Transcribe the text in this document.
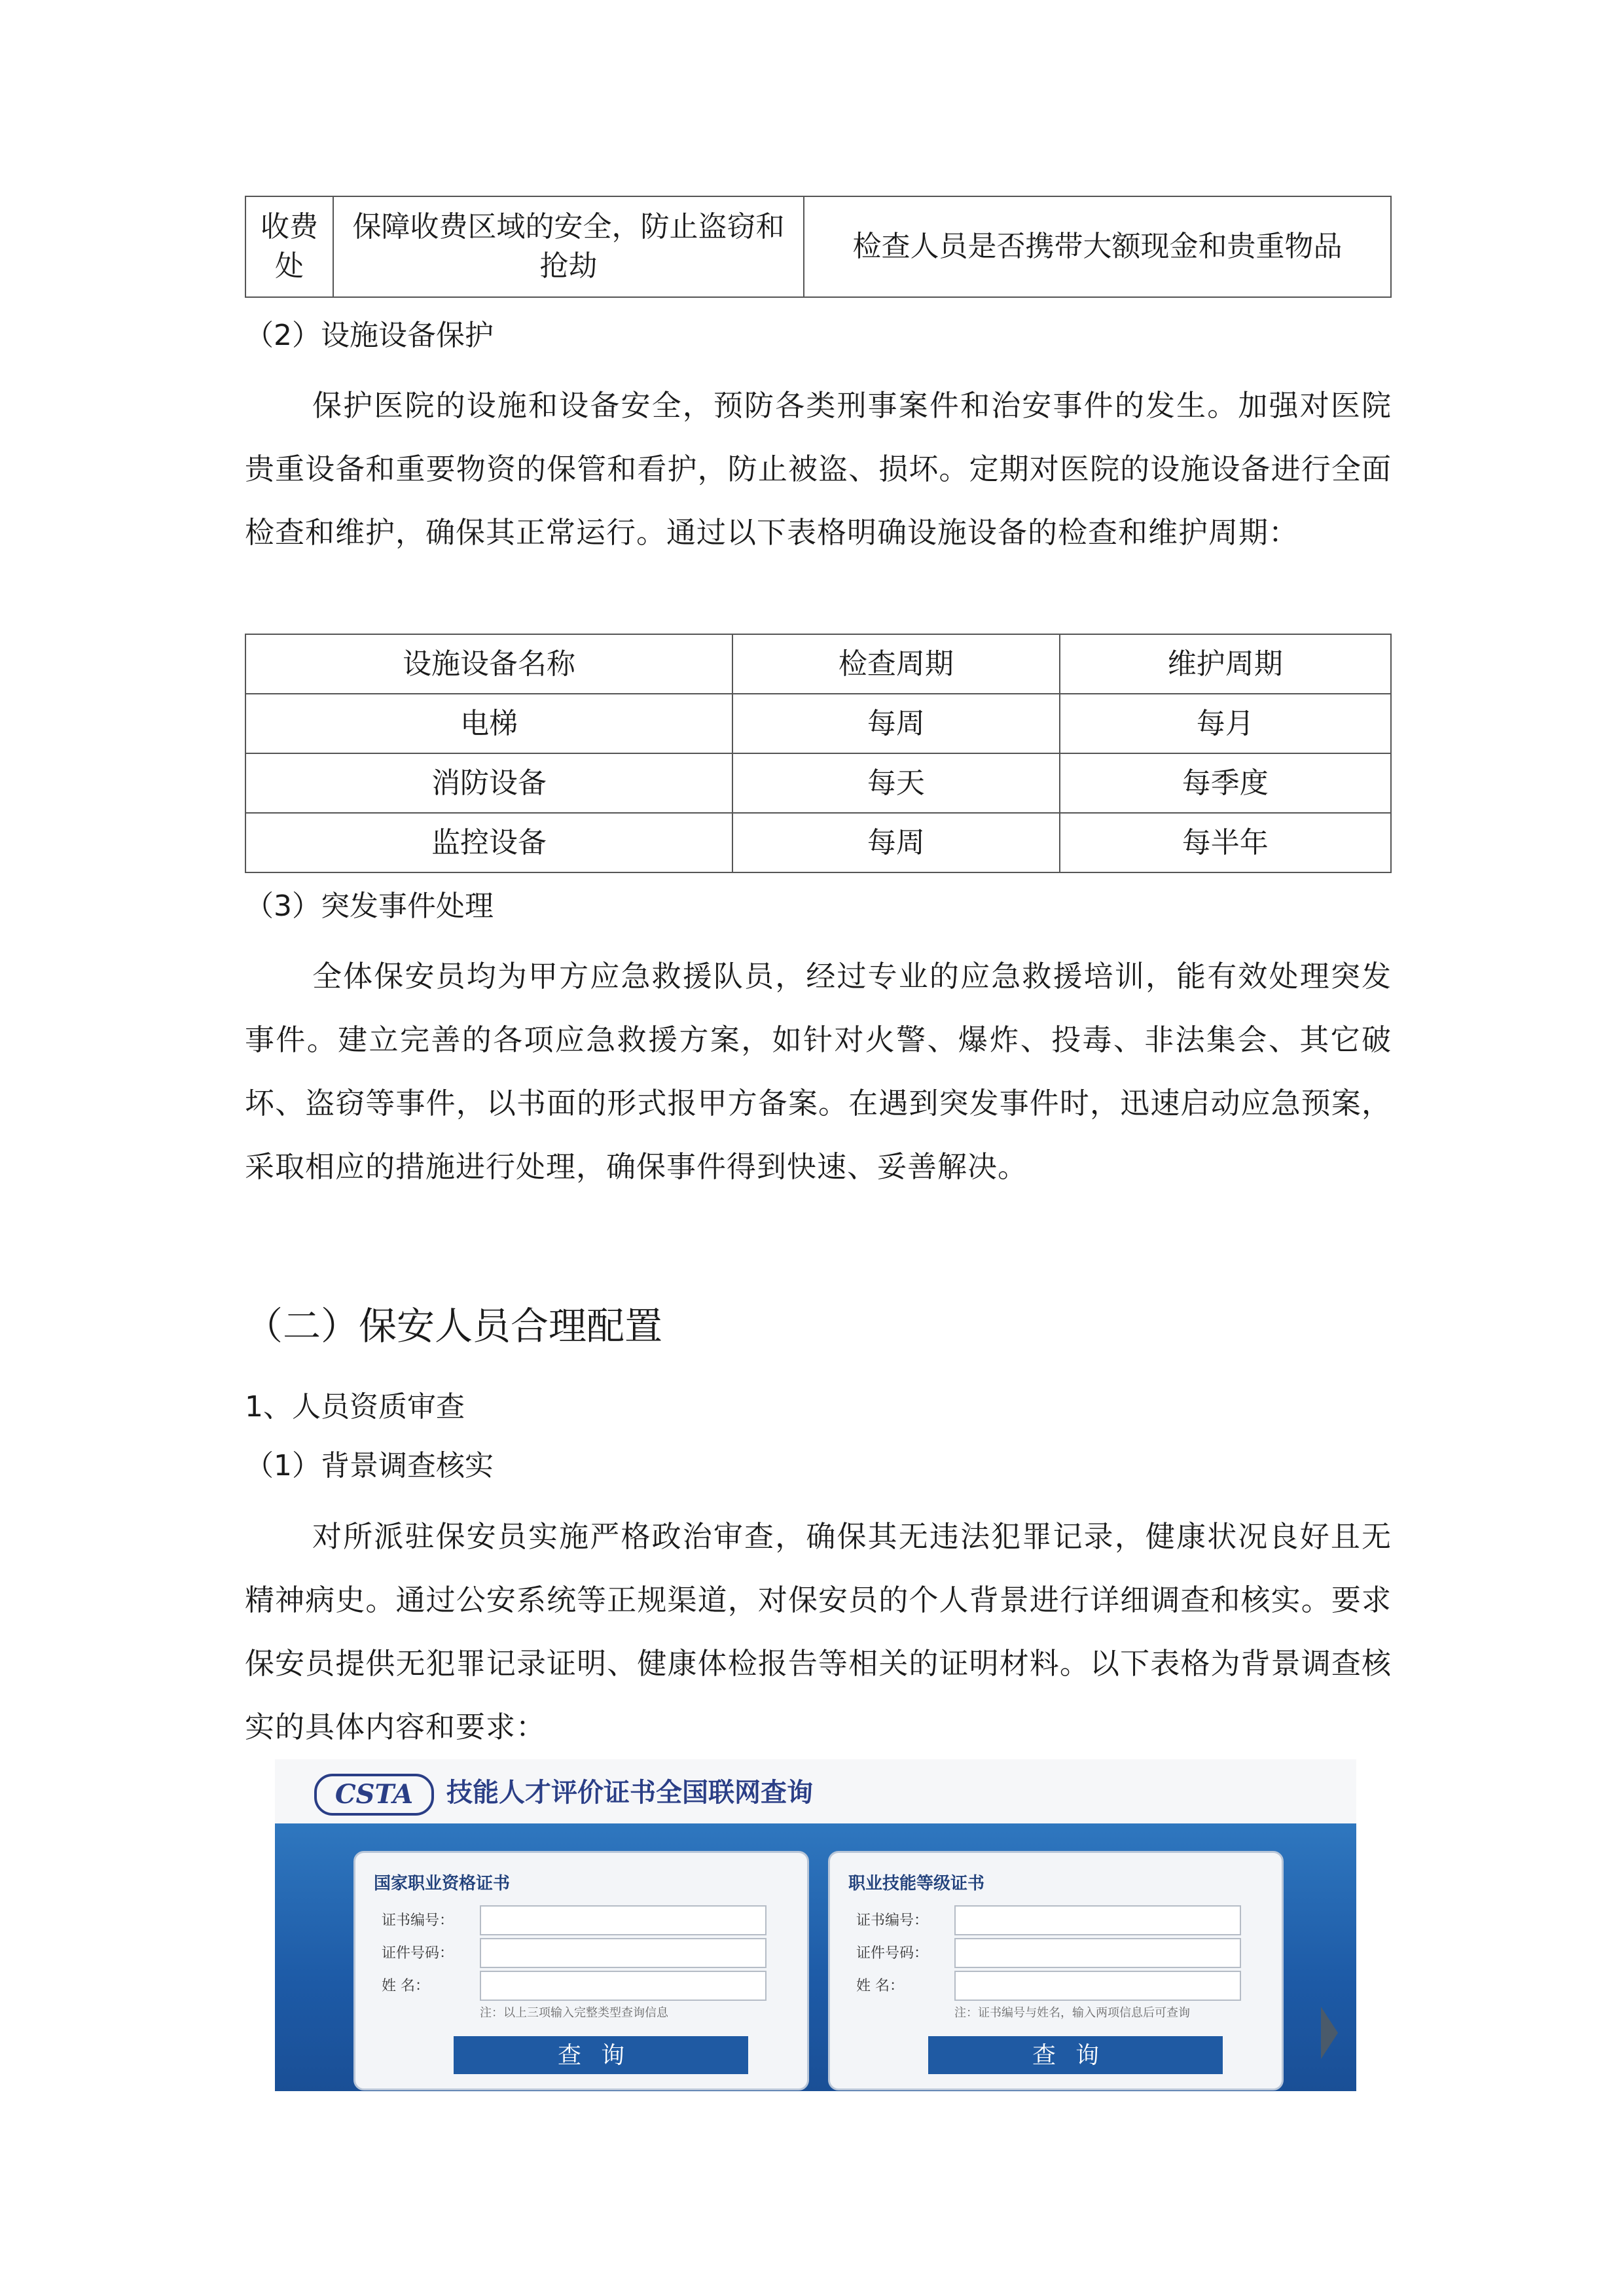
收费处	保障收费区域的安全，防止盗窃和抢劫	检查人员是否携带大额现金和贵重物品
（2）设施设备保护
保护医院的设施和设备安全，预防各类刑事案件和治安事件的发生。加强对医院贵重设备和重要物资的保管和看护，防止被盗、损坏。定期对医院的设施设备进行全面检查和维护，确保其正常运行。通过以下表格明确设施设备的检查和维护周期：
设施设备名称	检查周期	维护周期
电梯	每周	每月
消防设备	每天	每季度
监控设备	每周	每半年
（3）突发事件处理
全体保安员均为甲方应急救援队员，经过专业的应急救援培训，能有效处理突发事件。建立完善的各项应急救援方案，如针对火警、爆炸、投毒、非法集会、其它破坏、盗窃等事件，以书面的形式报甲方备案。在遇到突发事件时，迅速启动应急预案，采取相应的措施进行处理，确保事件得到快速、妥善解决。
（二）保安人员合理配置
1、人员资质审查
（1）背景调查核实
对所派驻保安员实施严格政治审查，确保其无违法犯罪记录，健康状况良好且无精神病史。通过公安系统等正规渠道，对保安员的个人背景进行详细调查和核实。要求保安员提供无犯罪记录证明、健康体检报告等相关的证明材料。以下表格为背景调查核实的具体内容和要求：
CSTA	技能人才评价证书全国联网查询
国家职业资格证书
证书编号：
证件号码：
姓 名：
注：以上三项输入完整类型查询信息
查询
职业技能等级证书
证书编号：
证件号码：
姓 名：
注：证书编号与姓名，输入两项信息后可查询
查询
